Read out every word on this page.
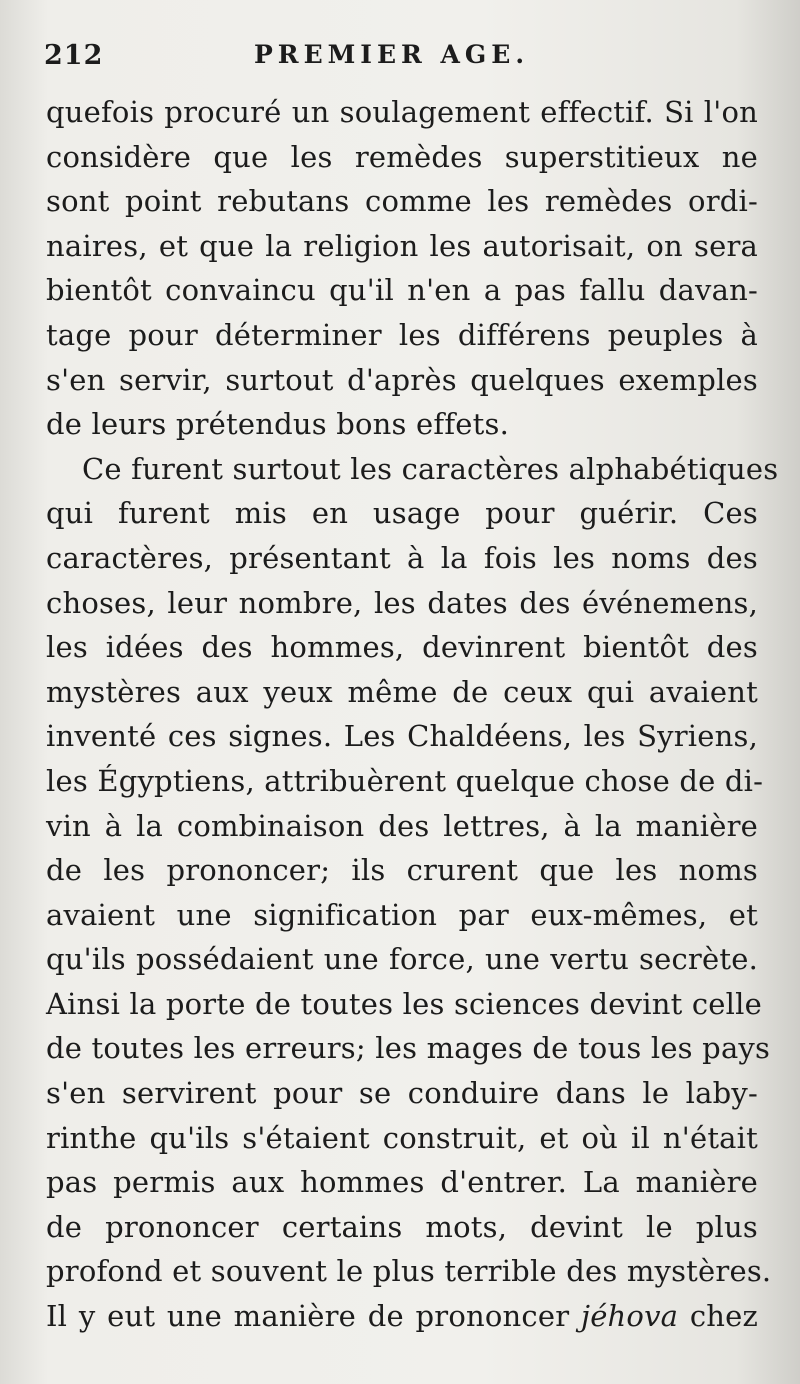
212	PREMIER AGE.
quefois procuré un soulagement effectif. Si l'on
considère que les remèdes superstitieux ne
sont point rebutans comme les remèdes ordi-
naires, et que la religion les autorisait, on sera
bientôt convaincu qu'il n'en a pas fallu davan-
tage pour déterminer les différens peuples à
s'en servir, surtout d'après quelques exemples
de leurs prétendus bons effets.
Ce furent surtout les caractères alphabétiques
qui furent mis en usage pour guérir. Ces
caractères, présentant à la fois les noms des
choses, leur nombre, les dates des événemens,
les idées des hommes, devinrent bientôt des
mystères aux yeux même de ceux qui avaient
inventé ces signes. Les Chaldéens, les Syriens,
les Égyptiens, attribuèrent quelque chose de di-
vin à la combinaison des lettres, à la manière
de les prononcer; ils crurent que les noms
avaient une signification par eux-mêmes, et
qu'ils possédaient une force, une vertu secrète.
Ainsi la porte de toutes les sciences devint celle
de toutes les erreurs; les mages de tous les pays
s'en servirent pour se conduire dans le laby-
rinthe qu'ils s'étaient construit, et où il n'était
pas permis aux hommes d'entrer. La manière
de prononcer certains mots, devint le plus
profond et souvent le plus terrible des mystères.
Il y eut une manière de prononcer jéhova chez
